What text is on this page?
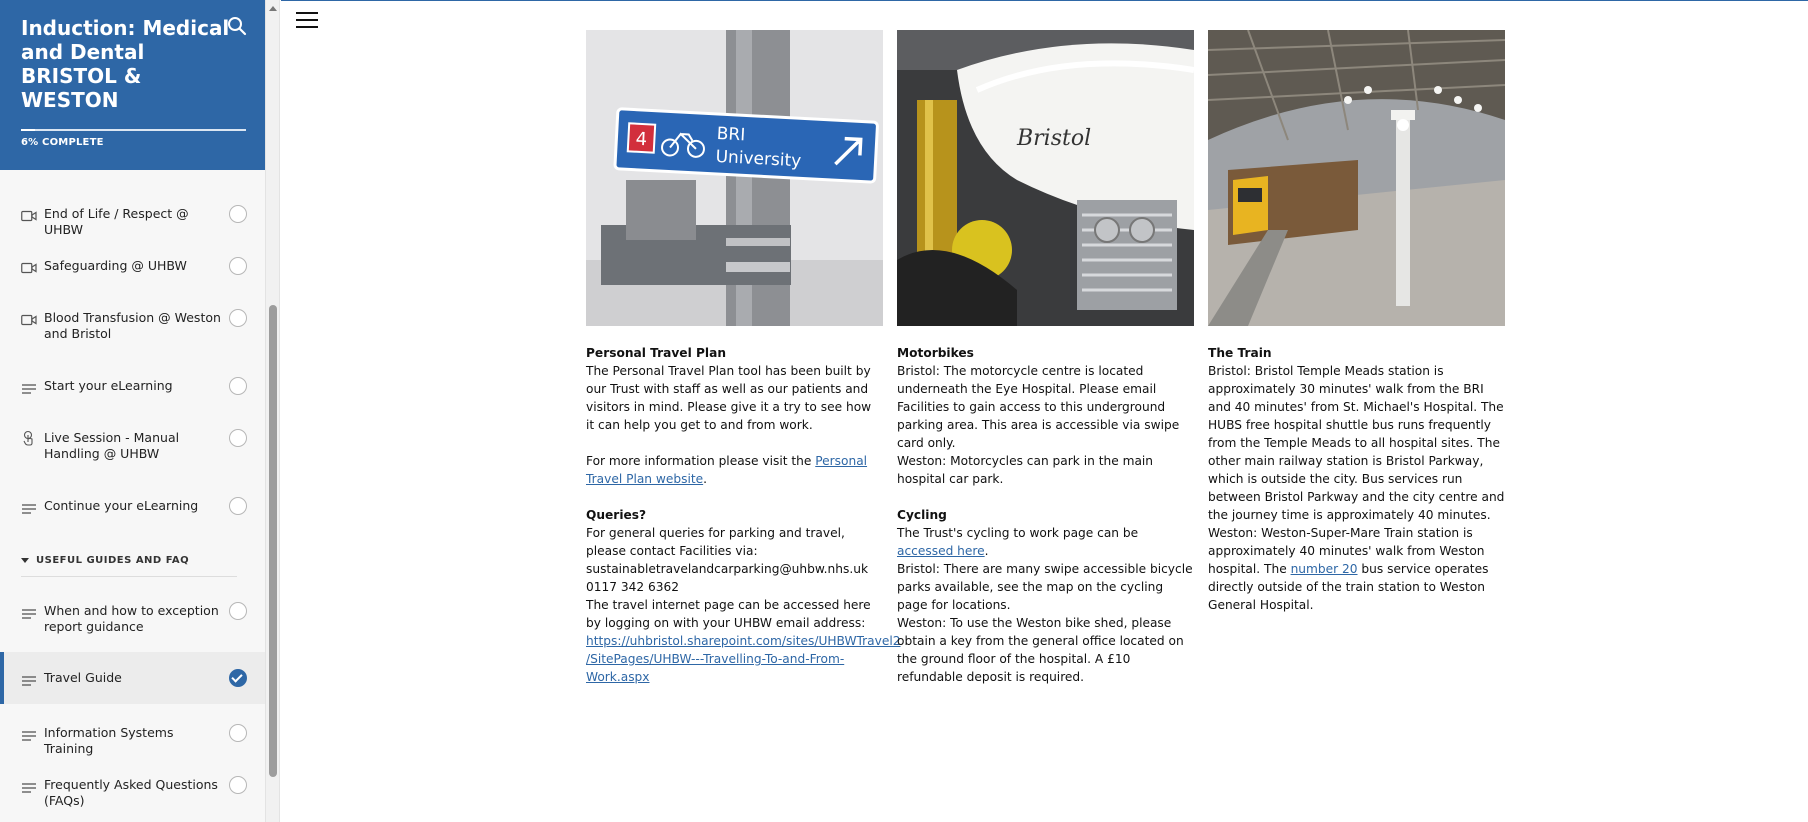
Induction: Medical and Dental BRISTOL & WESTON
6% COMPLETE
End of Life / Respect @ UHBW
Safeguarding @ UHBW
Blood Transfusion @ Weston and Bristol
Start your eLearning
Live Session - Manual Handling @ UHBW
Continue your eLearning
USEFUL GUIDES AND FAQ
When and how to exception report guidance
Travel Guide
Information Systems Training
Frequently Asked Questions (FAQs)
4	BRI
University

Personal Travel Plan

The Personal Travel Plan tool has been built by our Trust with staff as well as our patients and visitors in mind. Please give it a try to see how it can help you get to and from work.

For more information please visit the Personal Travel Plan website.

Queries?

For general queries for parking and travel, please contact Facilities via:

sustainabletravelandcarparking@uhbw.nhs.uk

0117 342 6362

The travel internet page can be accessed here by logging on with your UHBW email address:

https://uhbristol.sharepoint.com/sites/UHBWTravel2
/SitePages/UHBW---Travelling-To-and-From-
Work.aspx

Bristol

Motorbikes

Bristol: The motorcycle centre is located underneath the Eye Hospital. Please email Facilities to gain access to this underground parking area. This area is accessible via swipe card only.

Weston: Motorcycles can park in the main hospital car park.

Cycling

The Trust's cycling to work page can be accessed here.

Bristol: There are many swipe accessible bicycle parks available, see the map on the cycling page for locations.

Weston: To use the Weston bike shed, please obtain a key from the general office located on the ground floor of the hospital. A £10 refundable deposit is required.

The Train

Bristol: Bristol Temple Meads station is approximately 30 minutes' walk from the BRI and 40 minutes' from St. Michael's Hospital. The HUBS free hospital shuttle bus runs frequently from the Temple Meads to all hospital sites. The other main railway station is Bristol Parkway, which is outside the city. Bus services run between Bristol Parkway and the city centre and the journey time is approximately 40 minutes.

Weston: Weston-Super-Mare Train station is approximately 40 minutes' walk from Weston hospital. The number 20 bus service operates directly outside of the train station to Weston General Hospital.
